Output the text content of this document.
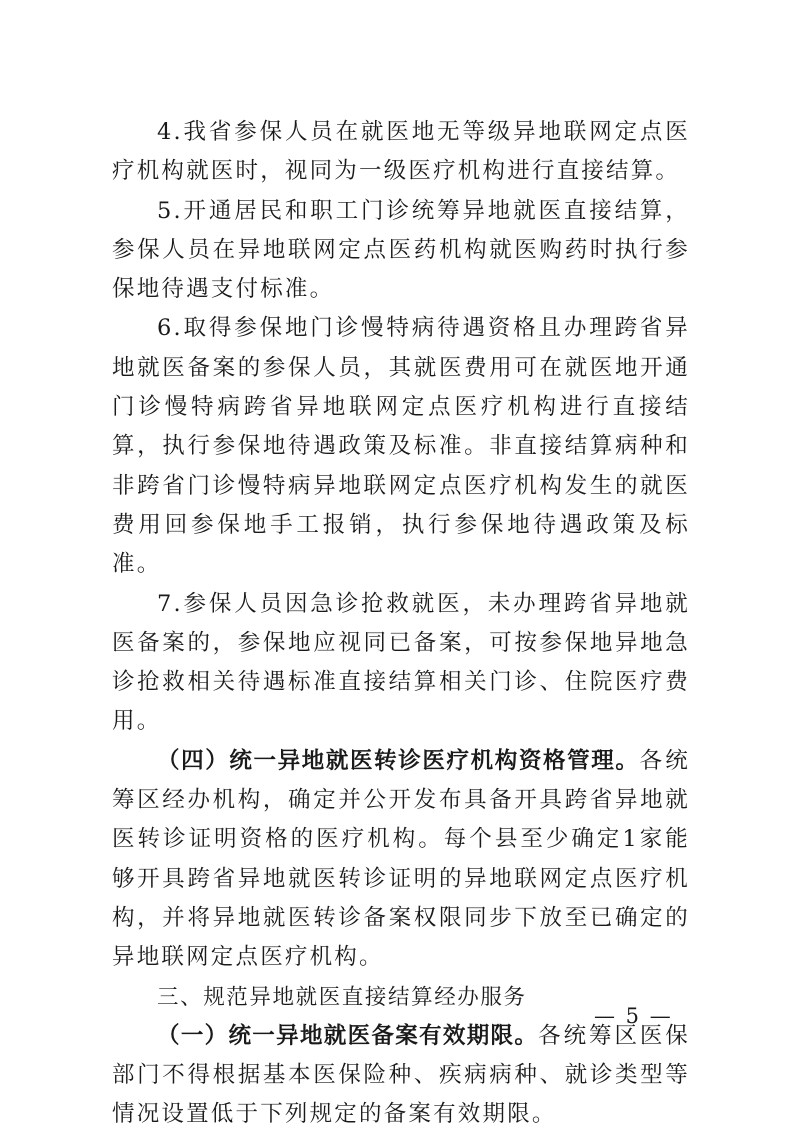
4.我省参保人员在就医地无等级异地联网定点医疗机构就医时，视同为一级医疗机构进行直接结算。

5.开通居民和职工门诊统筹异地就医直接结算，参保人员在异地联网定点医药机构就医购药时执行参保地待遇支付标准。

6.取得参保地门诊慢特病待遇资格且办理跨省异地就医备案的参保人员，其就医费用可在就医地开通门诊慢特病跨省异地联网定点医疗机构进行直接结算，执行参保地待遇政策及标准。非直接结算病种和非跨省门诊慢特病异地联网定点医疗机构发生的就医费用回参保地手工报销，执行参保地待遇政策及标准。

7.参保人员因急诊抢救就医，未办理跨省异地就医备案的，参保地应视同已备案，可按参保地异地急诊抢救相关待遇标准直接结算相关门诊、住院医疗费用。

（四）统一异地就医转诊医疗机构资格管理。各统筹区经办机构，确定并公开发布具备开具跨省异地就医转诊证明资格的医疗机构。每个县至少确定1家能够开具跨省异地就医转诊证明的异地联网定点医疗机构，并将异地就医转诊备案权限同步下放至已确定的异地联网定点医疗机构。

三、规范异地就医直接结算经办服务

（一）统一异地就医备案有效期限。各统筹区医保部门不得根据基本医保险种、疾病病种、就诊类型等情况设置低于下列规定的备案有效期限。

— 5 —
